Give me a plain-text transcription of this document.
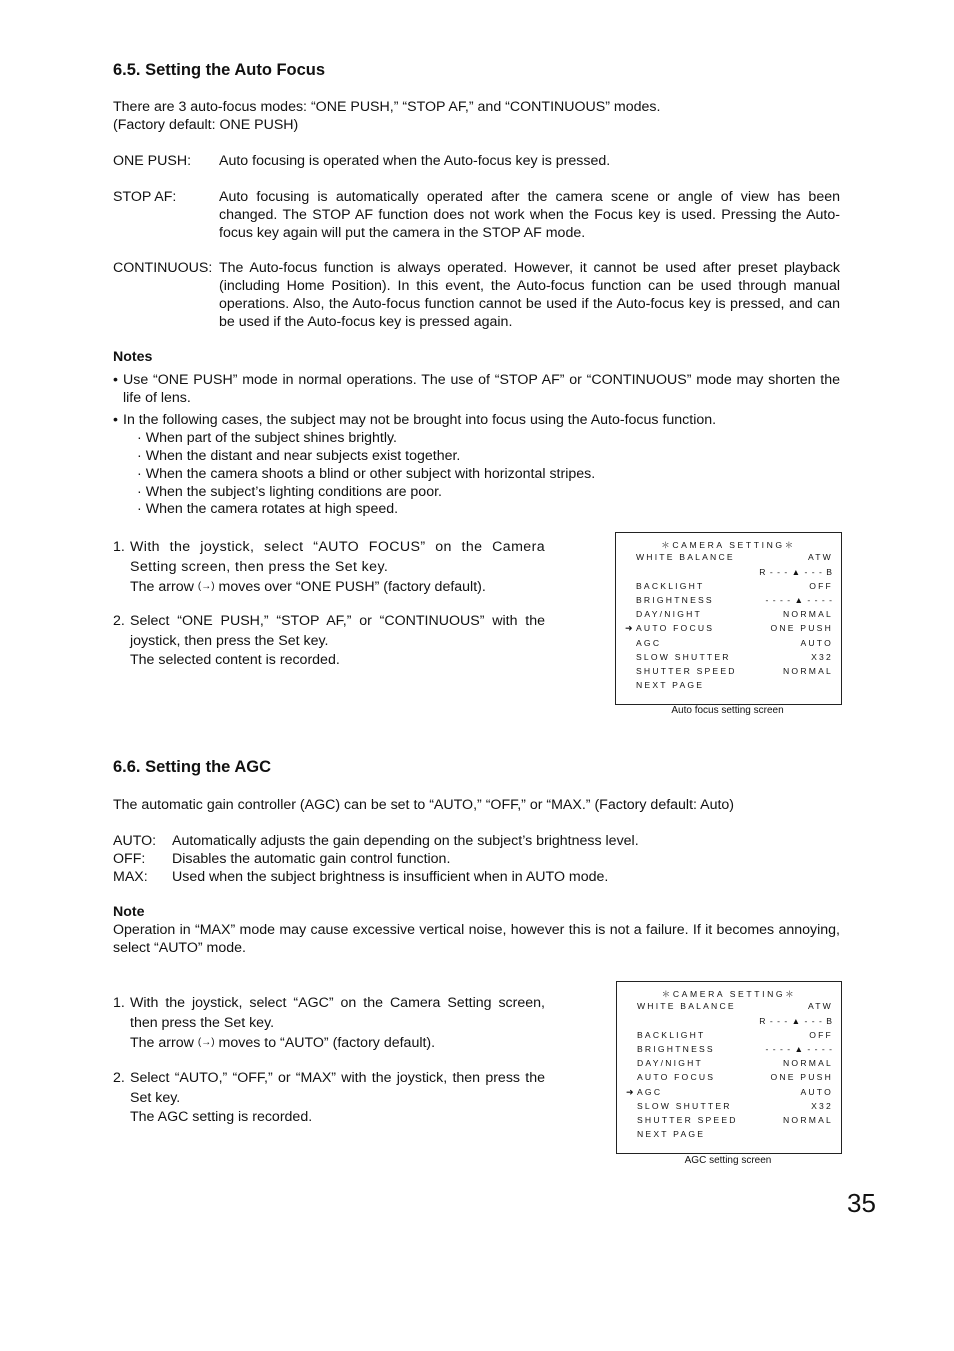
6.5. Setting the Auto Focus
There are 3 auto-focus modes: “ONE PUSH,” “STOP AF,” and “CONTINUOUS” modes.
(Factory default: ONE PUSH)
ONE PUSH: Auto focusing is operated when the Auto-focus key is pressed.
STOP AF:	Auto focusing is automatically operated after the camera scene or angle of view has been changed. The STOP AF function does not work when the Focus key is used. Pressing the Auto-focus key again will put the camera in the STOP AF mode.
CONTINUOUS: The Auto-focus function is always operated. However, it cannot be used after preset playback (including Home Position). In this event, the Auto-focus function can be used through manual operations. Also, the Auto-focus function cannot be used if the Auto-focus key is pressed, and can be used if the Auto-focus key is pressed again.
Notes
• Use “ONE PUSH” mode in normal operations. The use of “STOP AF” or “CONTINUOUS” mode may shorten the life of lens.
• In the following cases, the subject may not be brought into focus using the Auto-focus function.
· When part of the subject shines brightly.
· When the distant and near subjects exist together.
· When the camera shoots a blind or other subject with horizontal stripes.
· When the subject’s lighting conditions are poor.
· When the camera rotates at high speed.
1. With the joystick, select “AUTO FOCUS” on the Camera Setting screen, then press the Set key.
The arrow (→) moves over “ONE PUSH” (factory default).
2. Select “ONE PUSH,” “STOP AF,” or “CONTINUOUS” with the joystick, then press the Set key.
The selected content is recorded.
＊CAMERA SETTING＊
WHITE BALANCE	ATW
R - - - ▲ - - - B
BACKLIGHT	OFF
BRIGHTNESS	- - - - ▲ - - - -
DAY/NIGHT	NORMAL
➜ AUTO FOCUS	ONE PUSH
AGC	AUTO
SLOW SHUTTER	X32
SHUTTER SPEED	NORMAL
NEXT PAGE
Auto focus setting screen
6.6. Setting the AGC
The automatic gain controller (AGC) can be set to “AUTO,” “OFF,” or “MAX.” (Factory default: Auto)
AUTO: Automatically adjusts the gain depending on the subject’s brightness level.
OFF: Disables the automatic gain control function.
MAX: Used when the subject brightness is insufficient when in AUTO mode.
Note
Operation in “MAX” mode may cause excessive vertical noise, however this is not a failure. If it becomes annoying, select “AUTO” mode.
1. With the joystick, select “AGC” on the Camera Setting screen, then press the Set key.
The arrow (→) moves to “AUTO” (factory default).
2. Select “AUTO,” “OFF,” or “MAX” with the joystick, then press the Set key.
The AGC setting is recorded.
＊CAMERA SETTING＊
WHITE BALANCE	ATW
R - - - ▲ - - - B
BACKLIGHT	OFF
BRIGHTNESS	- - - - ▲ - - - -
DAY/NIGHT	NORMAL
AUTO FOCUS	ONE PUSH
➜ AGC	AUTO
SLOW SHUTTER	X32
SHUTTER SPEED	NORMAL
NEXT PAGE
AGC setting screen
35
